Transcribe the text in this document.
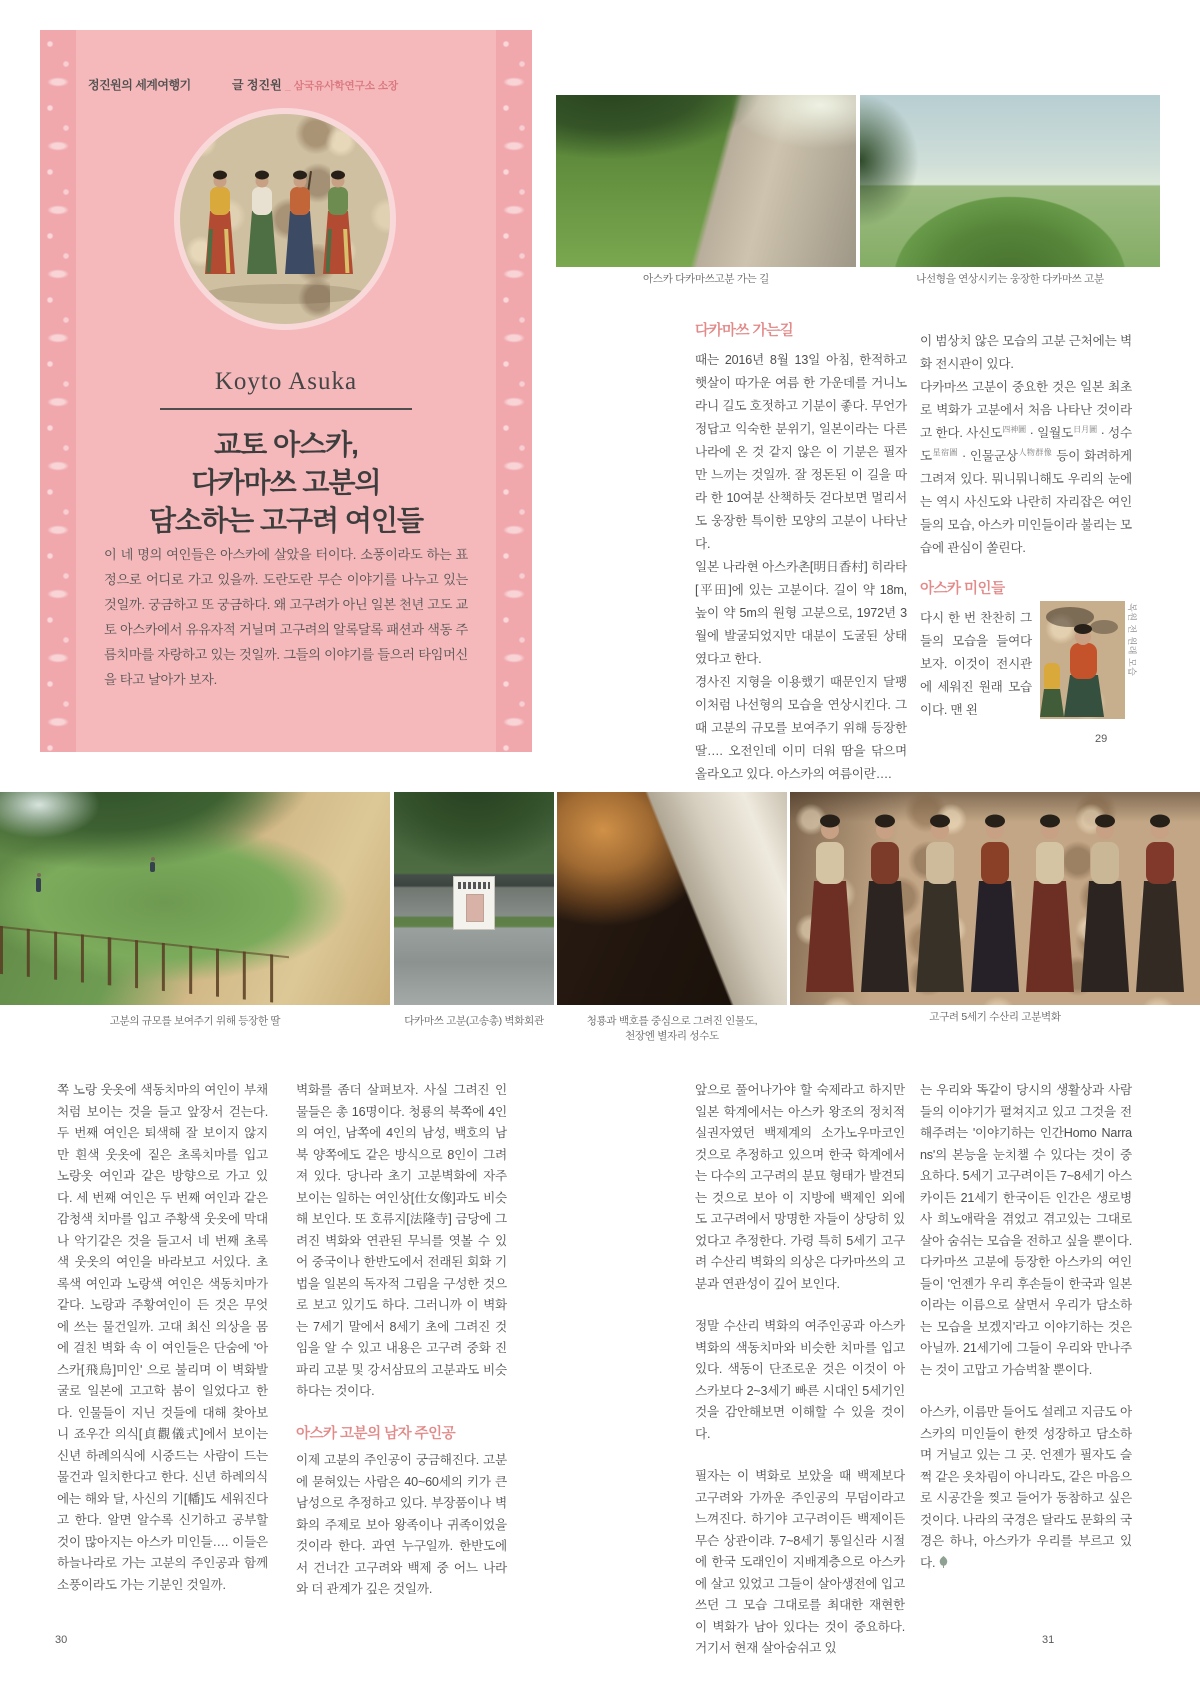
정진원의 세계여행기	글 정진원 _ 삼국유사학연구소 소장
Koyto Asuka
교토 아스카,
다카마쓰 고분의
담소하는 고구려 여인들

이 네 명의 여인들은 아스카에 살았을 터이다. 소풍이라도 하는 표정으로 어디로 가고 있을까. 도란도란 무슨 이야기를 나누고 있는 것일까. 궁금하고 또 궁금하다. 왜 고구려가 아닌 일본 천년 고도 교토 아스카에서 유유자적 거닐며 고구려의 알록달록 패션과 색동 주름치마를 자랑하고 있는 것일까. 그들의 이야기를 들으러 타임머신을 타고 날아가 보자.

아스카 다카마쓰고분 가는 길	나선형을 연상시키는 웅장한 다카마쓰 고분
다카마쓰 가는길

때는 2016년 8월 13일 아침, 한적하고 햇살이 따가운 여름 한 가운데를 거니노라니 길도 호젓하고 기분이 좋다. 무언가 정답고 익숙한 분위기, 일본이라는 다른 나라에 온 것 같지 않은 이 기분은 필자만 느끼는 것일까. 잘 정돈된 이 길을 따라 한 10여분 산책하듯 걷다보면 멀리서도 웅장한 특이한 모양의 고분이 나타난다.

일본 나라현 아스카촌[明日香村] 히라타[平田]에 있는 고분이다. 길이 약 18m, 높이 약 5m의 원형 고분으로, 1972년 3월에 발굴되었지만 대분이 도굴된 상태였다고 한다.

경사진 지형을 이용했기 때문인지 달팽이처럼 나선형의 모습을 연상시킨다. 그때 고분의 규모를 보여주기 위해 등장한 딸…. 오전인데 이미 더워 땀을 닦으며 올라오고 있다. 아스카의 여름이란….

이 범상치 않은 모습의 고분 근처에는 벽화 전시관이 있다.

다카마쓰 고분이 중요한 것은 일본 최초로 벽화가 고분에서 처음 나타난 것이라고 한다. 사신도$^{四神圖}$ · 일월도$^{日月圖}$ · 성수도$^{星宿圖}$ · 인물군상$^{人物群像}$ 등이 화려하게 그려져 있다. 뭐니뭐니해도 우리의 눈에는 역시 사신도와 나란히 자리잡은 여인들의 모습, 아스카 미인들이라 불리는 모습에 관심이 쏠린다.

아스카 미인들

다시 한 번 찬찬히 그들의 모습을 들여다 보자. 이것이 전시관에 세워진 원래 모습이다. 맨 왼

복원 전 원래 모습
29
고분의 규모를 보여주기 위해 등장한 딸	다카마쓰 고분(고송총) 벽화회관	청룡과 백호를 중심으로 그려진 인물도,
천장엔 별자리 성수도
고구려 5세기 수산리 고분벽화

쪽 노랑 웃옷에 색동치마의 여인이 부채처럼 보이는 것을 들고 앞장서 걷는다. 두 번째 여인은 퇴색해 잘 보이지 않지만 흰색 웃옷에 짙은 초록치마를 입고 노랑옷 여인과 같은 방향으로 가고 있다. 세 번째 여인은 두 번째 여인과 같은 감청색 치마를 입고 주황색 웃옷에 막대나 악기같은 것을 들고서 네 번째 초록색 웃옷의 여인을 바라보고 서있다. 초록색 여인과 노랑색 여인은 색동치마가 같다. 노랑과 주황여인이 든 것은 무엇에 쓰는 물건일까. 고대 최신 의상을 몸에 걸친 벽화 속 이 여인들은 단숨에 '아스카[飛鳥]미인' 으로 불리며 이 벽화발굴로 일본에 고고학 붐이 일었다고 한다. 인물들이 지닌 것들에 대해 찾아보니 죠우간 의식[貞觀儀式]에서 보이는 신년 하례의식에 시중드는 사람이 드는 물건과 일치한다고 한다. 신년 하례의식에는 해와 달, 사신의 기[幡]도 세워진다고 한다. 알면 알수록 신기하고 공부할 것이 많아지는 아스카 미인들…. 이들은 하늘나라로 가는 고분의 주인공과 함께 소풍이라도 가는 기분인 것일까.

벽화를 좀더 살펴보자. 사실 그려진 인물들은 총 16명이다. 청룡의 북쪽에 4인의 여인, 남쪽에 4인의 남성, 백호의 남북 양쪽에도 같은 방식으로 8인이 그려져 있다. 당나라 초기 고분벽화에 자주 보이는 일하는 여인상[仕女像]과도 비슷해 보인다. 또 호류지[法隆寺] 금당에 그려진 벽화와 연관된 무늬를 엿볼 수 있어 중국이나 한반도에서 전래된 회화 기법을 일본의 독자적 그림을 구성한 것으로 보고 있기도 하다. 그러니까 이 벽화는 7세기 말에서 8세기 초에 그려진 것임을 알 수 있고 내용은 고구려 중화 진파리 고분 및 강서삼묘의 고분과도 비슷하다는 것이다.

아스카 고분의 남자 주인공

이제 고분의 주인공이 궁금해진다. 고분에 묻혀있는 사람은 40~60세의 키가 큰 남성으로 추정하고 있다. 부장품이나 벽화의 주제로 보아 왕족이나 귀족이었을 것이라 한다. 과연 누구일까. 한반도에서 건너간 고구려와 백제 중 어느 나라와 더 관계가 깊은 것일까.

앞으로 풀어나가야 할 숙제라고 하지만 일본 학계에서는 아스카 왕조의 정치적 실권자였던 백제계의 소가노우마코인 것으로 추정하고 있으며 한국 학계에서는 다수의 고구려의 분묘 형태가 발견되는 것으로 보아 이 지방에 백제인 외에도 고구려에서 망명한 자들이 상당히 있었다고 추정한다. 가령 특히 5세기 고구려 수산리 벽화의 의상은 다카마쓰의 고분과 연관성이 깊어 보인다.

정말 수산리 벽화의 여주인공과 아스카 벽화의 색동치마와 비슷한 치마를 입고 있다. 색동이 단조로운 것은 이것이 아스카보다 2~3세기 빠른 시대인 5세기인 것을 감안해보면 이해할 수 있을 것이다.

필자는 이 벽화로 보았을 때 백제보다 고구려와 가까운 주인공의 무덤이라고 느껴진다. 하기야 고구려이든 백제이든 무슨 상관이랴. 7~8세기 통일신라 시절에 한국 도래인이 지배계층으로 아스카에 살고 있었고 그들이 살아생전에 입고 쓰던 그 모습 그대로를 최대한 재현한 이 벽화가 남아 있다는 것이 중요하다. 거기서 현재 살아숨쉬고 있

는 우리와 똑같이 당시의 생활상과 사람들의 이야기가 펼쳐지고 있고 그것을 전해주려는 '이야기하는 인간Homo Narrans'의 본능을 눈치챌 수 있다는 것이 중요하다. 5세기 고구려이든 7~8세기 아스카이든 21세기 한국이든 인간은 생로병사 희노애락을 겪었고 겪고있는 그대로 살아 숨쉬는 모습을 전하고 싶을 뿐이다. 다카마쓰 고분에 등장한 아스카의 여인들이 '언젠가 우리 후손들이 한국과 일본이라는 이름으로 살면서 우리가 담소하는 모습을 보겠지'라고 이야기하는 것은 아닐까. 21세기에 그들이 우리와 만나주는 것이 고맙고 가슴벅찰 뿐이다.

아스카, 이름만 들어도 설레고 지금도 아스카의 미인들이 한껏 성장하고 담소하며 거닐고 있는 그 곳. 언젠가 필자도 슬쩍 같은 옷차림이 아니라도, 같은 마음으로 시공간을 찢고 들어가 동참하고 싶은 것이다. 나라의 국경은 달라도 문화의 국경은 하나, 아스카가 우리를 부르고 있다.

30	31
